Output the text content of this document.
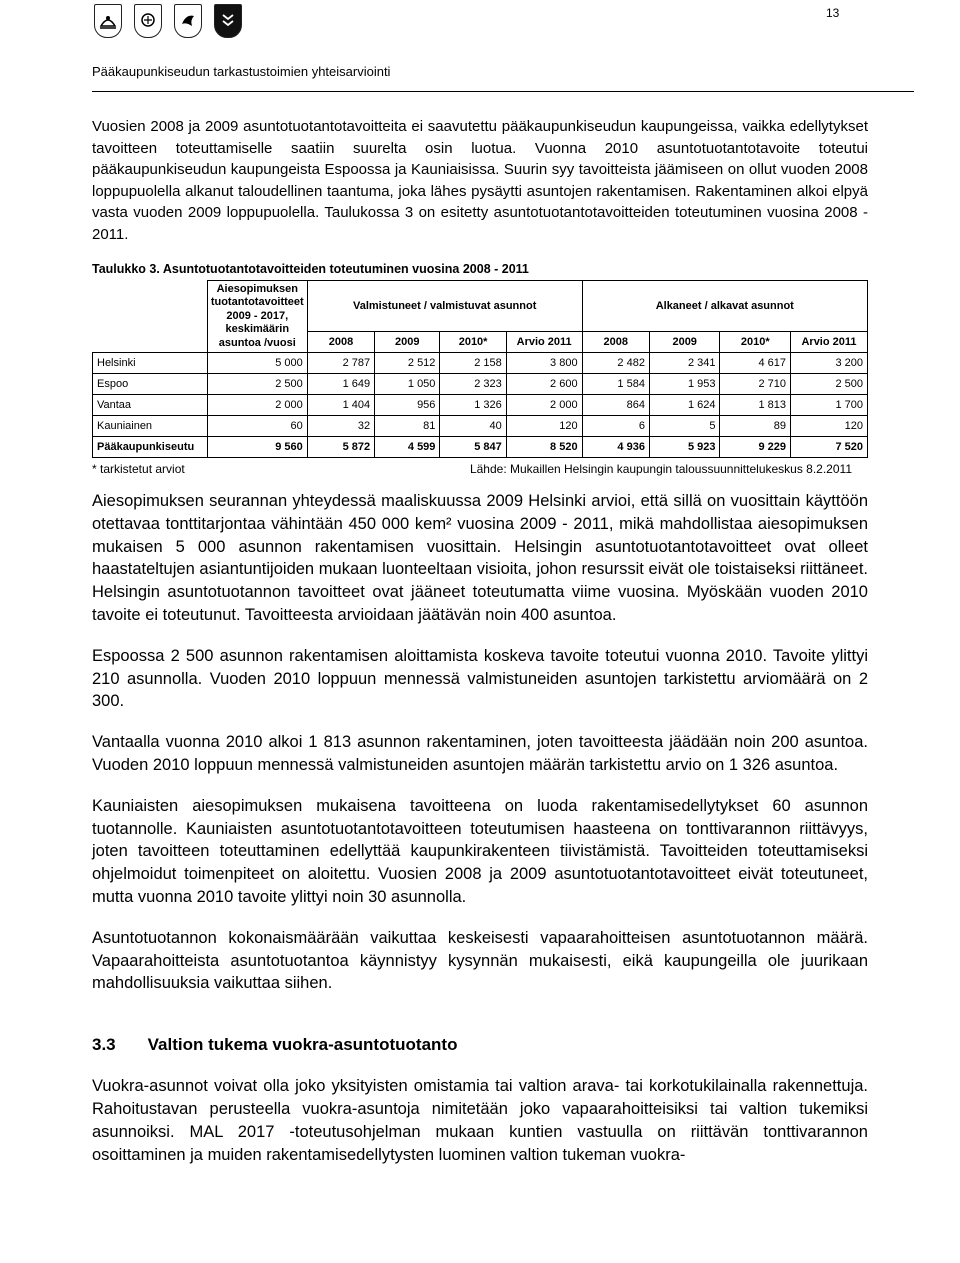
13
Pääkaupunkiseudun tarkastustoimien yhteisarviointi

Vuosien 2008 ja 2009 asuntotuotantotavoitteita ei saavutettu pääkaupunkiseudun kaupungeissa, vaikka edellytykset tavoitteen toteuttamiselle saatiin suurelta osin luotua. Vuonna 2010 asuntotuotantotavoite toteutui pääkaupunkiseudun kaupungeista Espoossa ja Kauniaisissa. Suurin syy tavoitteista jäämiseen on ollut vuoden 2008 loppupuolella alkanut taloudellinen taantuma, joka lähes pysäytti asuntojen rakentamisen. Rakentaminen alkoi elpyä vasta vuoden 2009 loppupuolella. Taulukossa 3 on esitetty asuntotuotantotavoitteiden toteutuminen vuosina 2008 - 2011.

Taulukko 3. Asuntotuotantotavoitteiden toteutuminen vuosina 2008 - 2011
	Aiesopimuksen tuotantotavoitteet 2009 - 2017, keskimäärin asuntoa /vuosi	Valmistuneet / valmistuvat asunnot				Alkaneet / alkavat asunnot			
		2008	2009	2010*	Arvio 2011	2008	2009	2010*	Arvio 2011
Helsinki	5 000	2 787	2 512	2 158	3 800	2 482	2 341	4 617	3 200
Espoo	2 500	1 649	1 050	2 323	2 600	1 584	1 953	2 710	2 500
Vantaa	2 000	1 404	956	1 326	2 000	864	1 624	1 813	1 700
Kauniainen	60	32	81	40	120	6	5	89	120
Pääkaupunkiseutu	9 560	5 872	4 599	5 847	8 520	4 936	5 923	9 229	7 520
* tarkistetut arviot	Lähde: Mukaillen Helsingin kaupungin taloussuunnittelukeskus 8.2.2011

Aiesopimuksen seurannan yhteydessä maaliskuussa 2009 Helsinki arvioi, että sillä on vuosittain käyttöön otettavaa tonttitarjontaa vähintään 450 000 kem² vuosina 2009 - 2011, mikä mahdollistaa aiesopimuksen mukaisen 5 000 asunnon rakentamisen vuosittain. Helsingin asuntotuotantotavoitteet ovat olleet haastateltujen asiantuntijoiden mukaan luonteeltaan visioita, johon resurssit eivät ole toistaiseksi riittäneet. Helsingin asuntotuotannon tavoitteet ovat jääneet toteutumatta viime vuosina. Myöskään vuoden 2010 tavoite ei toteutunut. Tavoitteesta arvioidaan jäätävän noin 400 asuntoa.

Espoossa 2 500 asunnon rakentamisen aloittamista koskeva tavoite toteutui vuonna 2010. Tavoite ylittyi 210 asunnolla. Vuoden 2010 loppuun mennessä valmistuneiden asuntojen tarkistettu arviomäärä on 2 300.

Vantaalla vuonna 2010 alkoi 1 813 asunnon rakentaminen, joten tavoitteesta jäädään noin 200 asuntoa. Vuoden 2010 loppuun mennessä valmistuneiden asuntojen määrän tarkistettu arvio on 1 326 asuntoa.

Kauniaisten aiesopimuksen mukaisena tavoitteena on luoda rakentamisedellytykset 60 asunnon tuotannolle. Kauniaisten asuntotuotantotavoitteen toteutumisen haasteena on tonttivarannon riittävyys, joten tavoitteen toteuttaminen edellyttää kaupunkirakenteen tiivistämistä. Tavoitteiden toteuttamiseksi ohjelmoidut toimenpiteet on aloitettu. Vuosien 2008 ja 2009 asuntotuotantotavoitteet eivät toteutuneet, mutta vuonna 2010 tavoite ylittyi noin 30 asunnolla.

Asuntotuotannon kokonaismäärään vaikuttaa keskeisesti vapaarahoitteisen asuntotuotannon määrä. Vapaarahoitteista asuntotuotantoa käynnistyy kysynnän mukaisesti, eikä kaupungeilla ole juurikaan mahdollisuuksia vaikuttaa siihen.

3.3 Valtion tukema vuokra-asuntotuotanto

Vuokra-asunnot voivat olla joko yksityisten omistamia tai valtion arava- tai korkotukilainalla rakennettuja. Rahoitustavan perusteella vuokra-asuntoja nimitetään joko vapaarahoitteisiksi tai valtion tukemiksi asunnoiksi. MAL 2017 -toteutusohjelman mukaan kuntien vastuulla on riittävän tonttivarannon osoittaminen ja muiden rakentamisedellytysten luominen valtion tukeman vuokra-
